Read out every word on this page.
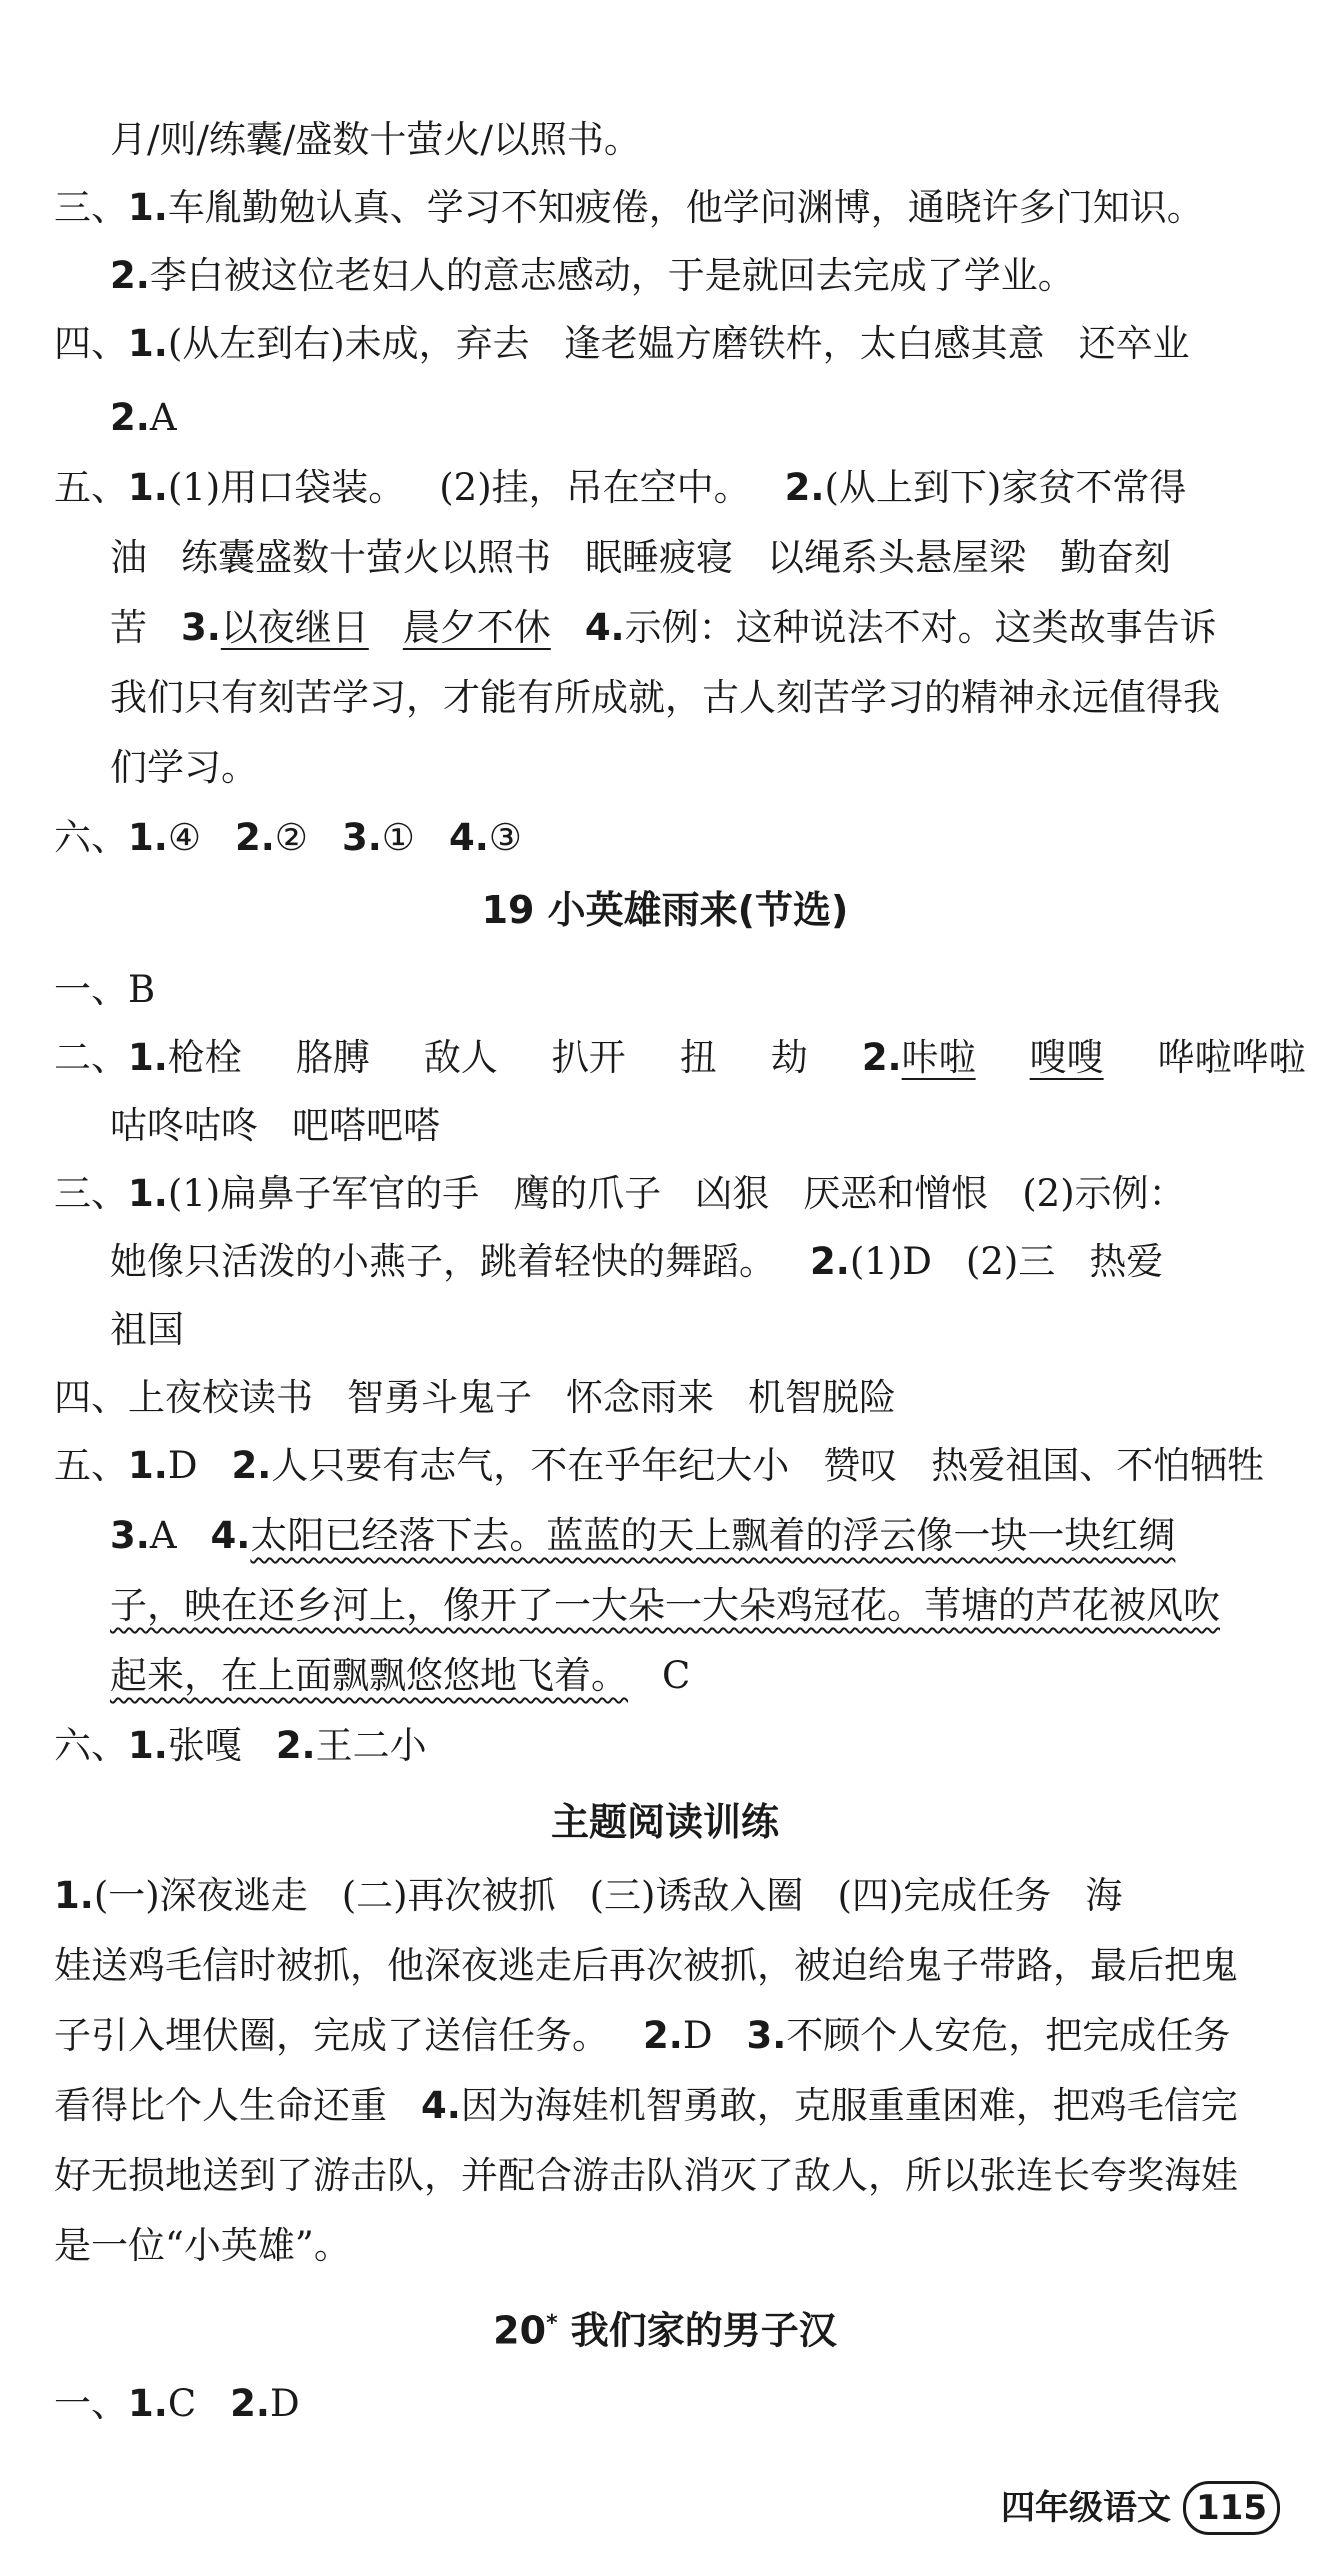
月/则/练囊/盛数十萤火/以照书。
三、1.车胤勤勉认真、学习不知疲倦，他学问渊博，通晓许多门知识。
2.李白被这位老妇人的意志感动，于是就回去完成了学业。
四、1.(从左到右)未成，弃去 逢老媪方磨铁杵，太白感其意 还卒业
2.A
五、1.(1)用口袋装。 (2)挂，吊在空中。 2.(从上到下)家贫不常得
油 练囊盛数十萤火以照书 眠睡疲寝 以绳系头悬屋梁 勤奋刻
苦 3.以夜继日 晨夕不休 4.示例：这种说法不对。这类故事告诉
我们只有刻苦学习，才能有所成就，古人刻苦学习的精神永远值得我
们学习。
六、1.④ 2.② 3.① 4.③
19 小英雄雨来(节选)
一、B
二、1.枪栓 胳膊 敌人 扒开 扭 劫 2.咔啦 嗖嗖 哗啦哗啦
咕咚咕咚 吧嗒吧嗒
三、1.(1)扁鼻子军官的手 鹰的爪子 凶狠 厌恶和憎恨 (2)示例：
她像只活泼的小燕子，跳着轻快的舞蹈。 2.(1)D (2)三 热爱
祖国
四、上夜校读书 智勇斗鬼子 怀念雨来 机智脱险
五、1.D 2.人只要有志气，不在乎年纪大小 赞叹 热爱祖国、不怕牺牲
3.A 4.太阳已经落下去。蓝蓝的天上飘着的浮云像一块一块红绸
子，映在还乡河上，像开了一大朵一大朵鸡冠花。苇塘的芦花被风吹
起来，在上面飘飘悠悠地飞着。 C
六、1.张嘎 2.王二小
主题阅读训练
1.(一)深夜逃走 (二)再次被抓 (三)诱敌入圈 (四)完成任务 海
娃送鸡毛信时被抓，他深夜逃走后再次被抓，被迫给鬼子带路，最后把鬼
子引入埋伏圈，完成了送信任务。 2.D 3.不顾个人安危，把完成任务
看得比个人生命还重 4.因为海娃机智勇敢，克服重重困难，把鸡毛信完
好无损地送到了游击队，并配合游击队消灭了敌人，所以张连长夸奖海娃
是一位“小英雄”。
20* 我们家的男子汉
一、1.C 2.D
四年级语文 115
